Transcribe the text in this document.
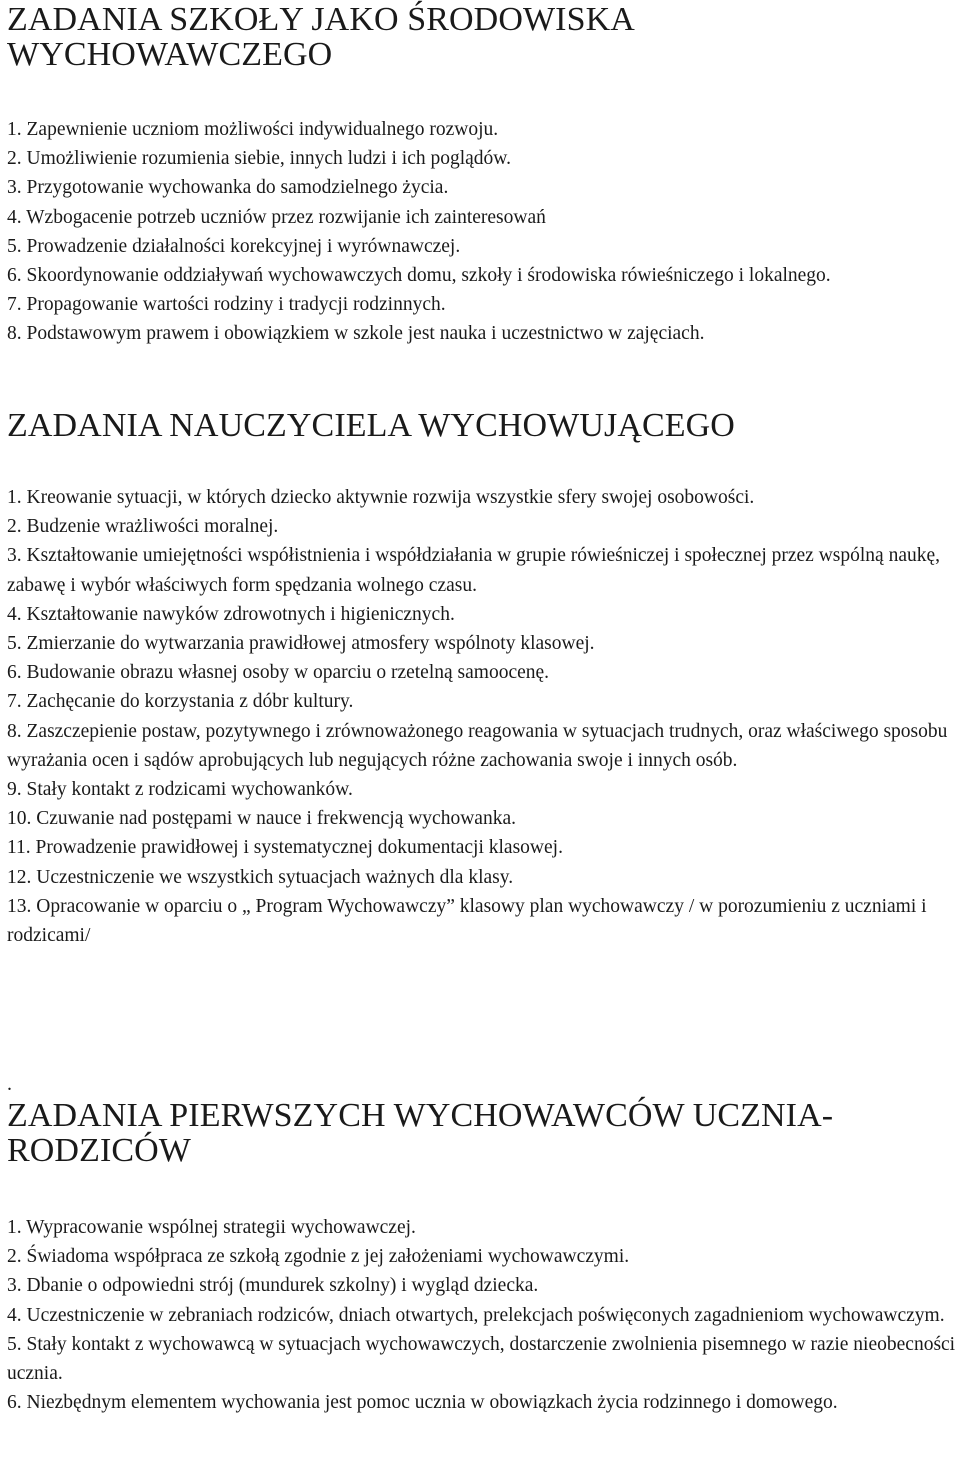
ZADANIA SZKOŁY JAKO ŚRODOWISKA WYCHOWAWCZEGO
1. Zapewnienie uczniom możliwości indywidualnego rozwoju.
2. Umożliwienie rozumienia siebie, innych ludzi i ich poglądów.
3. Przygotowanie wychowanka do samodzielnego życia.
4. Wzbogacenie potrzeb uczniów przez rozwijanie ich zainteresowań
5. Prowadzenie działalności korekcyjnej i wyrównawczej.
6. Skoordynowanie oddziaływań wychowawczych domu, szkoły i środowiska rówieśniczego i lokalnego.
7. Propagowanie wartości rodziny i tradycji rodzinnych.
8. Podstawowym prawem i obowiązkiem w szkole jest nauka i uczestnictwo w zajęciach.
ZADANIA NAUCZYCIELA WYCHOWUJĄCEGO
1. Kreowanie sytuacji, w których dziecko aktywnie rozwija wszystkie sfery swojej osobowości.
2. Budzenie wrażliwości moralnej.
3. Kształtowanie umiejętności współistnienia i współdziałania w grupie rówieśniczej i społecznej przez wspólną naukę, zabawę i wybór właściwych form spędzania wolnego czasu.
4. Kształtowanie nawyków zdrowotnych i higienicznych.
5. Zmierzanie do wytwarzania prawidłowej atmosfery wspólnoty klasowej.
6. Budowanie obrazu własnej osoby w oparciu o rzetelną samoocenę.
7. Zachęcanie do korzystania z dóbr kultury.
8. Zaszczepienie postaw, pozytywnego i zrównoważonego reagowania w sytuacjach trudnych, oraz właściwego sposobu wyrażania ocen i sądów aprobujących lub negujących różne zachowania swoje i innych osób.
9. Stały kontakt z rodzicami wychowanków.
10. Czuwanie nad postępami w nauce i frekwencją wychowanka.
11. Prowadzenie prawidłowej i systematycznej dokumentacji klasowej.
12. Uczestniczenie we wszystkich sytuacjach ważnych dla klasy.
13. Opracowanie w oparciu o „ Program Wychowawczy” klasowy plan wychowawczy / w porozumieniu z uczniami i rodzicami/
.
ZADANIA PIERWSZYCH WYCHOWAWCÓW UCZNIA- RODZICÓW
1. Wypracowanie wspólnej strategii wychowawczej.
2. Świadoma współpraca ze szkołą zgodnie z jej założeniami wychowawczymi.
3. Dbanie o odpowiedni strój (mundurek szkolny) i wygląd dziecka.
4. Uczestniczenie w zebraniach rodziców, dniach otwartych, prelekcjach poświęconych zagadnieniom wychowawczym.
5. Stały kontakt z wychowawcą w sytuacjach wychowawczych, dostarczenie zwolnienia pisemnego w razie nieobecności ucznia.
6. Niezbędnym elementem wychowania jest pomoc ucznia w obowiązkach życia rodzinnego i domowego.
